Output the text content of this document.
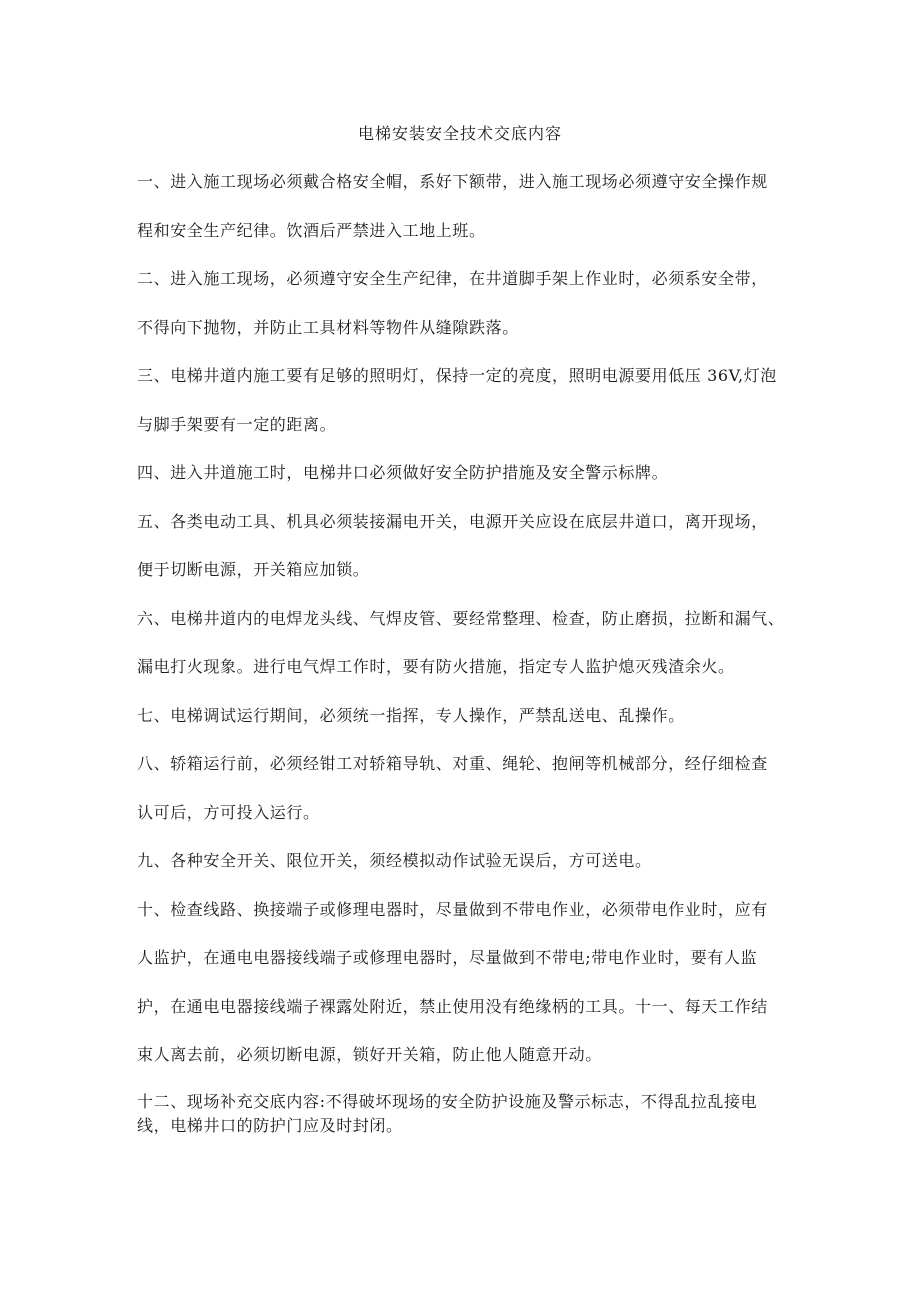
电梯安装安全技术交底内容
一、进入施工现场必须戴合格安全帽，系好下额带，进入施工现场必须遵守安全操作规
程和安全生产纪律。饮酒后严禁进入工地上班。
二、进入施工现场，必须遵守安全生产纪律，在井道脚手架上作业时，必须系安全带，
不得向下抛物，并防止工具材料等物件从缝隙跌落。
三、电梯井道内施工要有足够的照明灯，保持一定的亮度，照明电源要用低压 36V,灯泡
与脚手架要有一定的距离。
四、进入井道施工时，电梯井口必须做好安全防护措施及安全警示标牌。
五、各类电动工具、机具必须装接漏电开关，电源开关应设在底层井道口，离开现场，
便于切断电源，开关箱应加锁。
六、电梯井道内的电焊龙头线、气焊皮管、要经常整理、检查，防止磨损，拉断和漏气、
漏电打火现象。进行电气焊工作时，要有防火措施，指定专人监护熄灭残渣余火。
七、电梯调试运行期间，必须统一指挥，专人操作，严禁乱送电、乱操作。
八、轿箱运行前，必须经钳工对轿箱导轨、对重、绳轮、抱闸等机械部分，经仔细检查
认可后，方可投入运行。
九、各种安全开关、限位开关，须经模拟动作试验无误后，方可送电。
十、检查线路、换接端子或修理电器时，尽量做到不带电作业，必须带电作业时，应有
人监护，在通电电器接线端子或修理电器时，尽量做到不带电;带电作业时，要有人监
护，在通电电器接线端子裸露处附近，禁止使用没有绝缘柄的工具。十一、每天工作结
束人离去前，必须切断电源，锁好开关箱，防止他人随意开动。
十二、现场补充交底内容:不得破坏现场的安全防护设施及警示标志，不得乱拉乱接电
线，电梯井口的防护门应及时封闭。
